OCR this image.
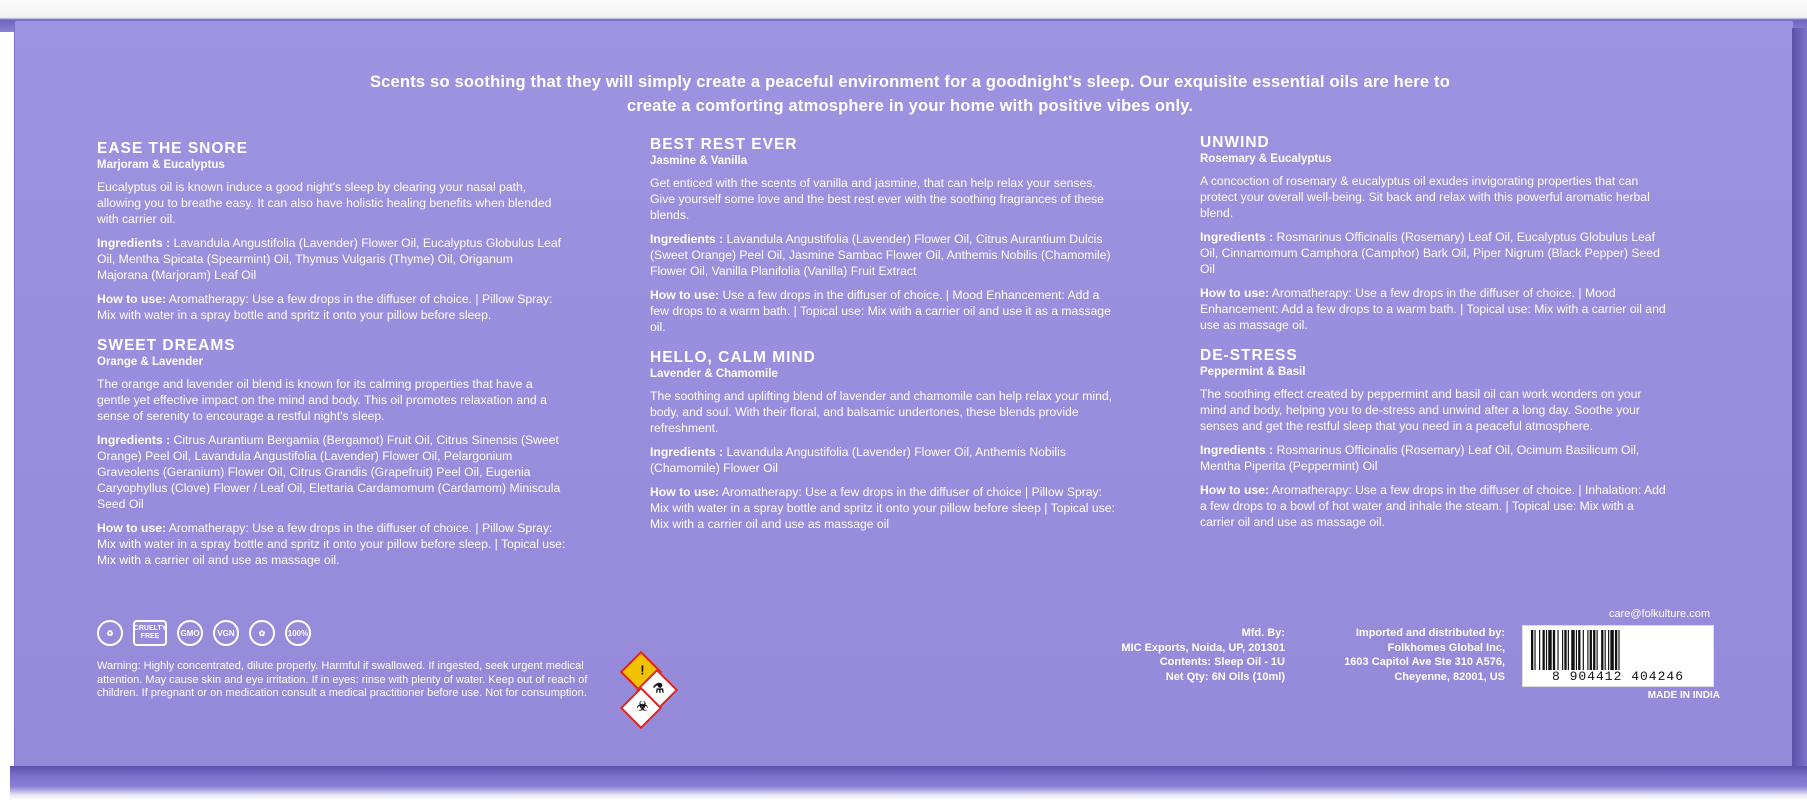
Scents so soothing that they will simply create a peaceful environment for a goodnight's sleep. Our exquisite essential oils are here to create a comforting atmosphere in your home with positive vibes only.
EASE THE SNORE
Marjoram & Eucalyptus
Eucalyptus oil is known induce a good night's sleep by clearing your nasal path, allowing you to breathe easy. It can also have holistic healing benefits when blended with carrier oil.
Ingredients : Lavandula Angustifolia (Lavender) Flower Oil, Eucalyptus Globulus Leaf Oil, Mentha Spicata (Spearmint) Oil, Thymus Vulgaris (Thyme) Oil, Origanum Majorana (Marjoram) Leaf Oil
How to use: Aromatherapy: Use a few drops in the diffuser of choice. | Pillow Spray: Mix with water in a spray bottle and spritz it onto your pillow before sleep.
SWEET DREAMS
Orange & Lavender
The orange and lavender oil blend is known for its calming properties that have a gentle yet effective impact on the mind and body. This oil promotes relaxation and a sense of serenity to encourage a restful night's sleep.
Ingredients : Citrus Aurantium Bergamia (Bergamot) Fruit Oil, Citrus Sinensis (Sweet Orange) Peel Oil, Lavandula Angustifolia (Lavender) Flower Oil, Pelargonium Graveolens (Geranium) Flower Oil, Citrus Grandis (Grapefruit) Peel Oil, Eugenia Caryophyllus (Clove) Flower / Leaf Oil, Elettaria Cardamomum (Cardamom) Miniscula Seed Oil
How to use: Aromatherapy: Use a few drops in the diffuser of choice. | Pillow Spray: Mix with water in a spray bottle and spritz it onto your pillow before sleep. | Topical use: Mix with a carrier oil and use as massage oil.
BEST REST EVER
Jasmine & Vanilla
Get enticed with the scents of vanilla and jasmine, that can help relax your senses. Give yourself some love and the best rest ever with the soothing fragrances of these blends.
Ingredients : Lavandula Angustifolia (Lavender) Flower Oil, Citrus Aurantium Dulcis (Sweet Orange) Peel Oil, Jasmine Sambac Flower Oil, Anthemis Nobilis (Chamomile) Flower Oil, Vanilla Planifolia (Vanilla) Fruit Extract
How to use: Use a few drops in the diffuser of choice. | Mood Enhancement: Add a few drops to a warm bath. | Topical use: Mix with a carrier oil and use it as a massage oil.
HELLO, CALM MIND
Lavender & Chamomile
The soothing and uplifting blend of lavender and chamomile can help relax your mind, body, and soul. With their floral, and balsamic undertones, these blends provide refreshment.
Ingredients : Lavandula Angustifolia (Lavender) Flower Oil, Anthemis Nobilis (Chamomile) Flower Oil
How to use: Aromatherapy: Use a few drops in the diffuser of choice | Pillow Spray: Mix with water in a spray bottle and spritz it onto your pillow before sleep | Topical use: Mix with a carrier oil and use as massage oil
UNWIND
Rosemary & Eucalyptus
A concoction of rosemary & eucalyptus oil exudes invigorating properties that can protect your overall well-being. Sit back and relax with this powerful aromatic herbal blend.
Ingredients : Rosmarinus Officinalis (Rosemary) Leaf Oil, Eucalyptus Globulus Leaf Oil, Cinnamomum Camphora (Camphor) Bark Oil, Piper Nigrum (Black Pepper) Seed Oil
How to use: Aromatherapy: Use a few drops in the diffuser of choice. | Mood Enhancement: Add a few drops to a warm bath. | Topical use: Mix with a carrier oil and use as massage oil.
DE-STRESS
Peppermint & Basil
The soothing effect created by peppermint and basil oil can work wonders on your mind and body, helping you to de-stress and unwind after a long day. Soothe your senses and get the restful sleep that you need in a peaceful atmosphere.
Ingredients : Rosmarinus Officinalis (Rosemary) Leaf Oil, Ocimum Basilicum Oil, Mentha Piperita (Peppermint) Oil
How to use: Aromatherapy: Use a few drops in the diffuser of choice. | Inhalation: Add a few drops to a bowl of hot water and inhale the steam. | Topical use: Mix with a carrier oil and use as massage oil.
♻	CRUELTY FREE	GMO	VGN	✿	100%
Warning: Highly concentrated, dilute properly. Harmful if swallowed. If ingested, seek urgent medical attention. May cause skin and eye irritation. If in eyes: rinse with plenty of water. Keep out of reach of children. If pregnant or on medication consult a medical practitioner before use. Not for consumption.
!
⚗
☣
Mfd. By:
MIC Exports, Noida, UP, 201301
Contents: Sleep Oil - 1U
Net Qty: 6N Oils (10ml)
Imported and distributed by:
Folkhomes Global Inc,
1603 Capitol Ave Ste 310 A576,
Cheyenne, 82001, US
care@folkulture.com
8 904412 404246
MADE IN INDIA
